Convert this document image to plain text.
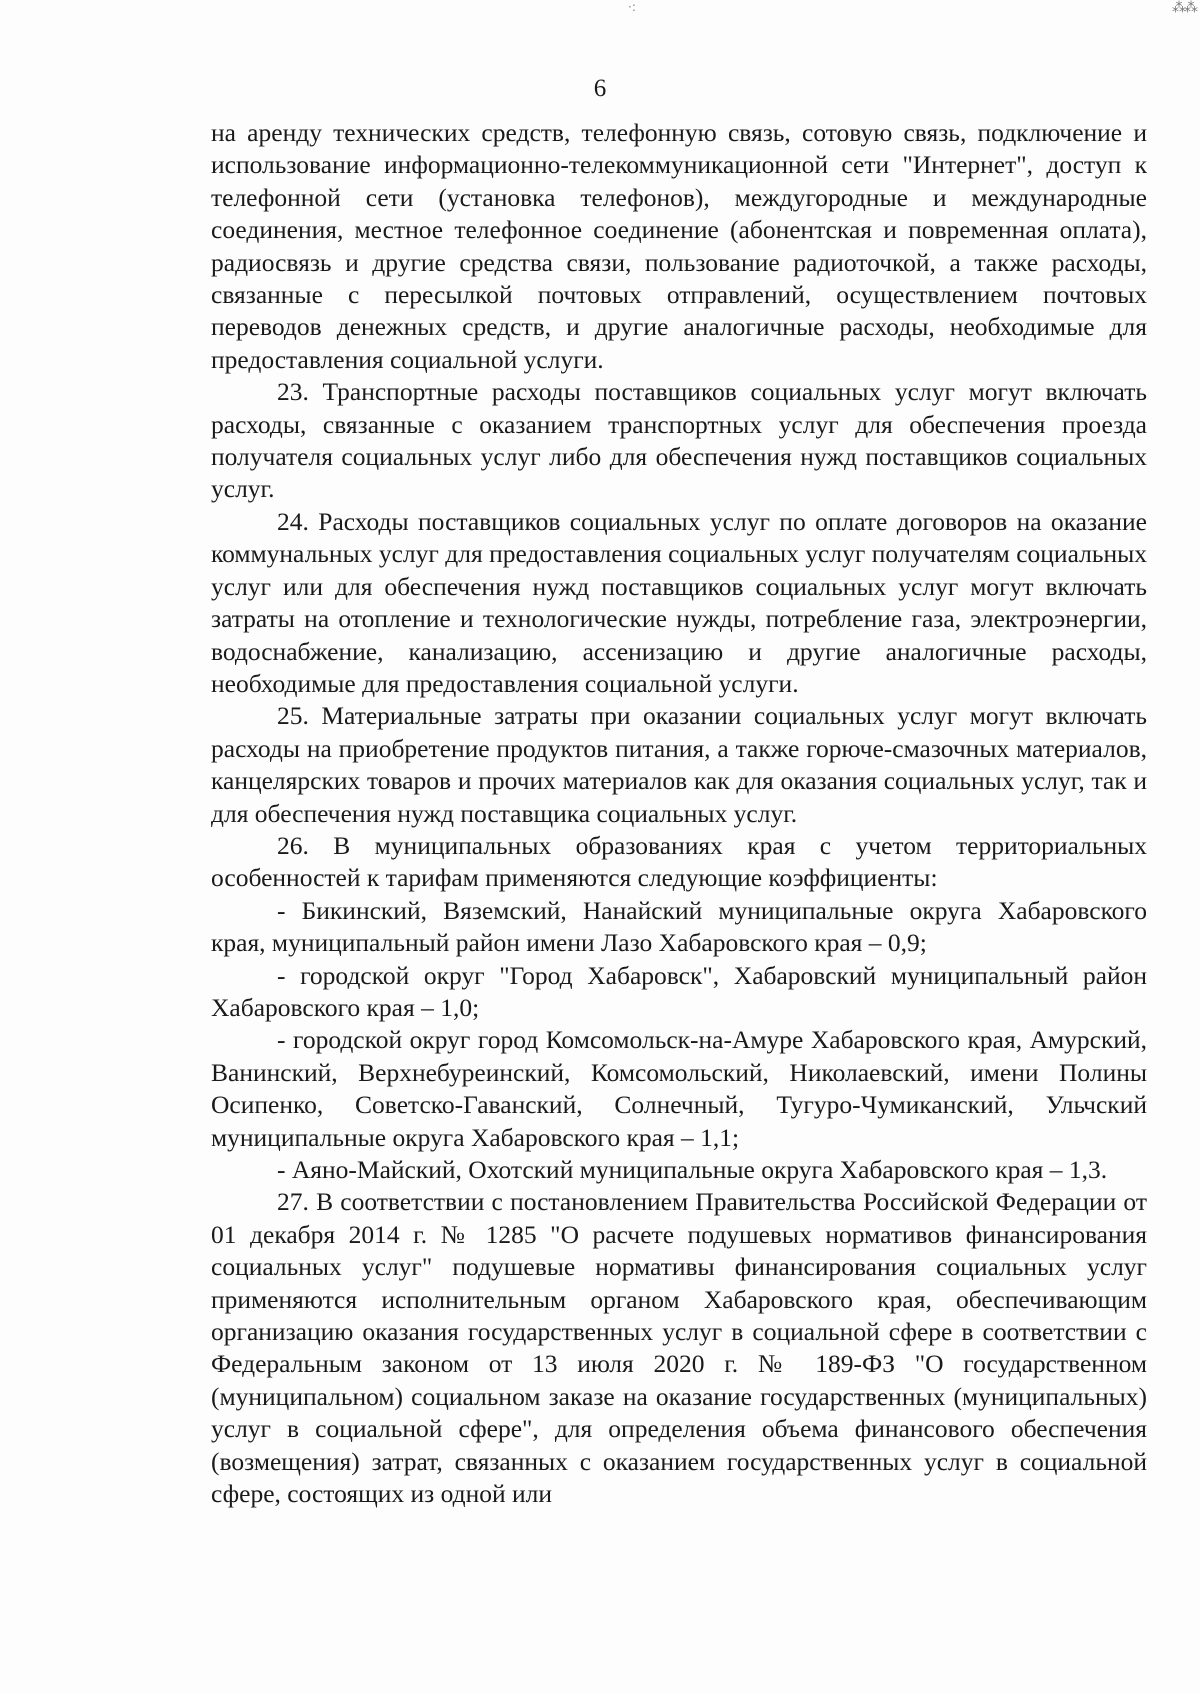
·:	⁂⁂
6

на аренду технических средств, телефонную связь, сотовую связь, подключение и использование информационно-телекоммуникационной сети "Интернет", доступ к телефонной сети (установка телефонов), междугородные и международные соединения, местное телефонное соединение (абонентская и повременная оплата), радиосвязь и другие средства связи, пользование радиоточкой, а также расходы, связанные с пересылкой почтовых отправлений, осуществлением почтовых переводов денежных средств, и другие аналогичные расходы, необходимые для предоставления социальной услуги.

23. Транспортные расходы поставщиков социальных услуг могут включать расходы, связанные с оказанием транспортных услуг для обеспечения проезда получателя социальных услуг либо для обеспечения нужд поставщиков социальных услуг.

24. Расходы поставщиков социальных услуг по оплате договоров на оказание коммунальных услуг для предоставления социальных услуг получателям социальных услуг или для обеспечения нужд поставщиков социальных услуг могут включать затраты на отопление и технологические нужды, потребление газа, электроэнергии, водоснабжение, канализацию, ассенизацию и другие аналогичные расходы, необходимые для предоставления социальной услуги.

25. Материальные затраты при оказании социальных услуг могут включать расходы на приобретение продуктов питания, а также горюче-смазочных материалов, канцелярских товаров и прочих материалов как для оказания социальных услуг, так и для обеспечения нужд поставщика социальных услуг.

26. В муниципальных образованиях края с учетом территориальных особенностей к тарифам применяются следующие коэффициенты:

- Бикинский, Вяземский, Нанайский муниципальные округа Хабаровского края, муниципальный район имени Лазо Хабаровского края – 0,9;

- городской округ "Город Хабаровск", Хабаровский муниципальный район Хабаровского края – 1,0;

- городской округ город Комсомольск-на-Амуре Хабаровского края, Амурский, Ванинский, Верхнебуреинский, Комсомольский, Николаевский, имени Полины Осипенко, Советско-Гаванский, Солнечный, Тугуро-Чумиканский, Ульчский муниципальные округа Хабаровского края – 1,1;

- Аяно-Майский, Охотский муниципальные округа Хабаровского края – 1,3.

27. В соответствии с постановлением Правительства Российской Федерации от 01 декабря 2014 г. № 1285 "О расчете подушевых нормативов финансирования социальных услуг" подушевые нормативы финансирования социальных услуг применяются исполнительным органом Хабаровского края, обеспечивающим организацию оказания государственных услуг в социальной сфере в соответствии с Федеральным законом от 13 июля 2020 г. № 189-ФЗ "О государственном (муниципальном) социальном заказе на оказание государственных (муниципальных) услуг в социальной сфере", для определения объема финансового обеспечения (возмещения) затрат, связанных с оказанием государственных услуг в социальной сфере, состоящих из одной или
